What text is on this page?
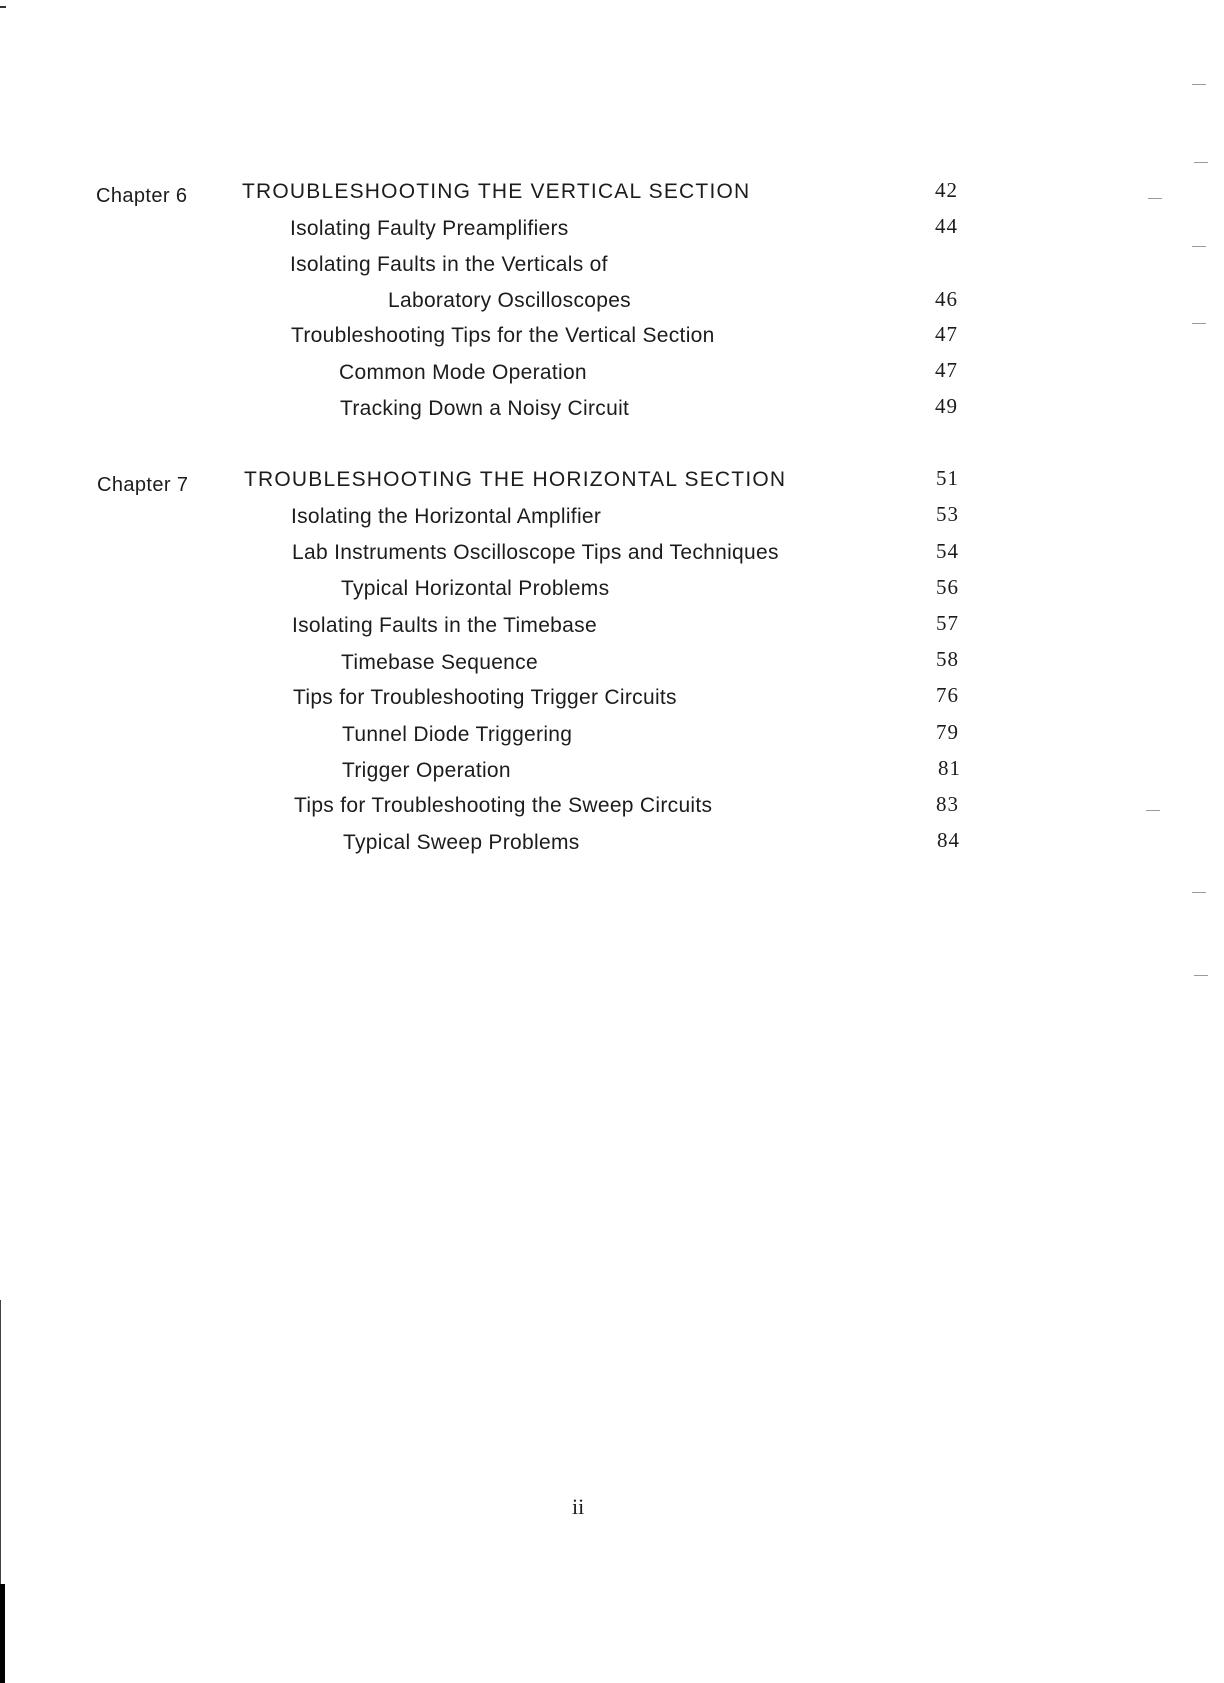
Chapter 6	TROUBLESHOOTING THE VERTICAL SECTION	42
Isolating Faulty Preamplifiers	44
Isolating Faults in the Verticals of
Laboratory Oscilloscopes	46
Troubleshooting Tips for the Vertical Section	47
Common Mode Operation	47
Tracking Down a Noisy Circuit	49
Chapter 7	TROUBLESHOOTING THE HORIZONTAL SECTION	51
Isolating the Horizontal Amplifier	53
Lab Instruments Oscilloscope Tips and Techniques	54
Typical Horizontal Problems	56
Isolating Faults in the Timebase	57
Timebase Sequence	58
Tips for Troubleshooting Trigger Circuits	76
Tunnel Diode Triggering	79
Trigger Operation	81
Tips for Troubleshooting the Sweep Circuits	83
Typical Sweep Problems	84
ii
